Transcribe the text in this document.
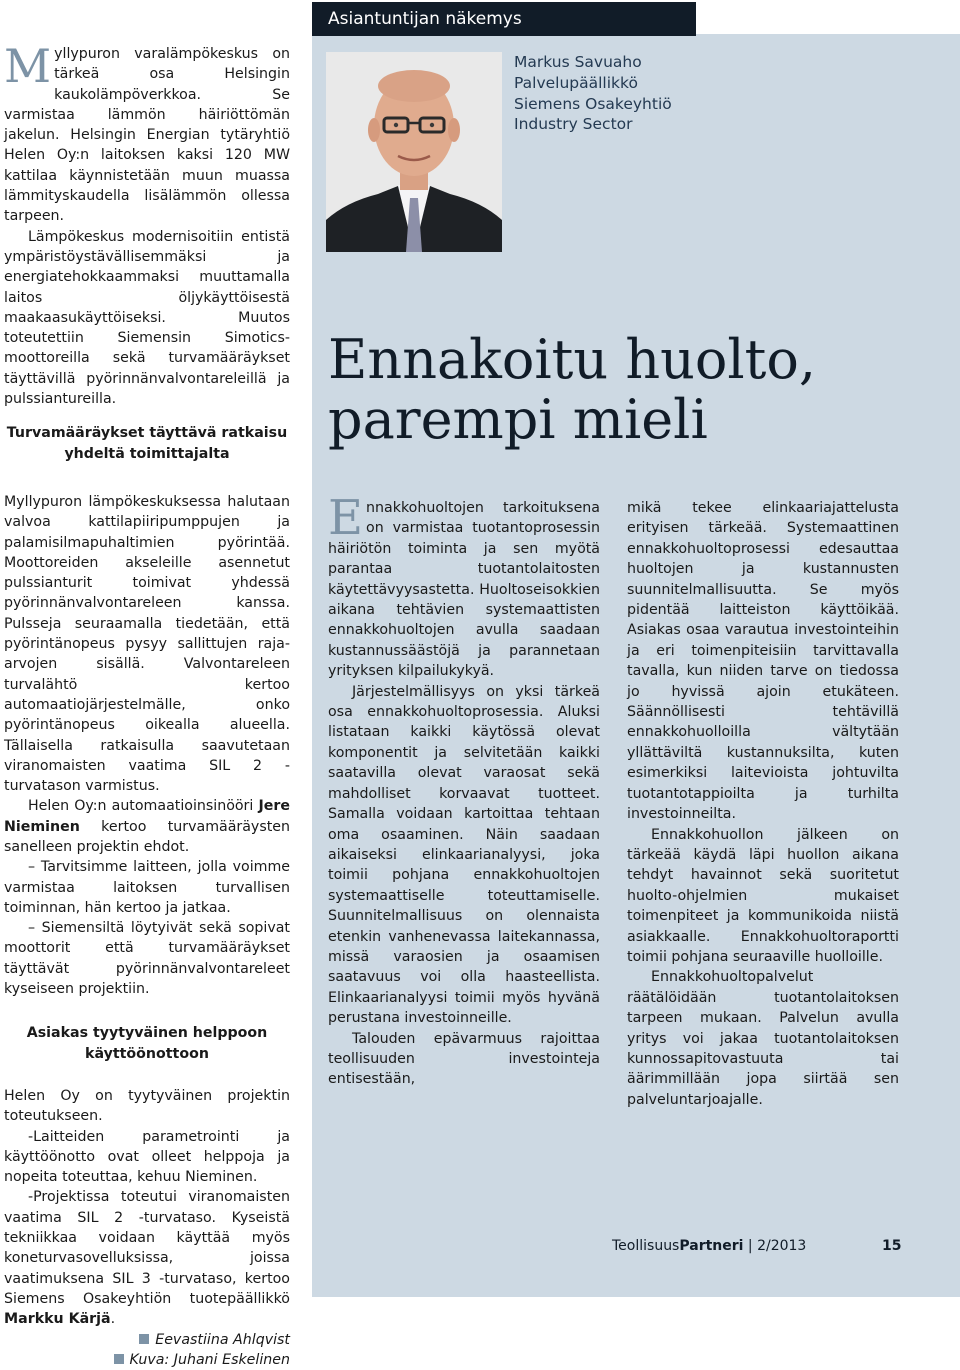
Myllypuron varalämpökeskus on tärkeä osa Helsingin kaukolämpöverkkoa. Se varmistaa lämmön häiriöttömän jakelun. Helsingin Energian tytäryhtiö Helen Oy:n laitoksen kaksi 120 MW kattilaa käynnistetään muun muassa lämmityskaudella lisälämmön ollessa tarpeen.

Lämpökeskus modernisoitiin entistä ympäristöystävällisemmäksi ja energiatehokkaammaksi muuttamalla laitos öljykäyttöisestä maakaasukäyttöiseksi. Muutos toteutettiin Siemensin Simotics-moottoreilla sekä turvamääräykset täyttävillä pyörinnänvalvontareleillä ja pulssiantureilla.

Turvamääräykset täyttävä ratkaisu yhdeltä toimittajalta

Myllypuron lämpökeskuksessa halutaan valvoa kattilapiiripumppujen ja palamisilmapuhaltimien pyörintää. Moottoreiden akseleille asennetut pulssianturit toimivat yhdessä pyörinnänvalvontareleen kanssa. Pulsseja seuraamalla tiedetään, että pyörintänopeus pysyy sallittujen raja-arvojen sisällä. Valvontareleen turvalähtö kertoo automaatiojärjestelmälle, onko pyörintänopeus oikealla alueella. Tällaisella ratkaisulla saavutetaan viranomaisten vaatima SIL 2 -turvatason varmistus.

Helen Oy:n automaatioinsinööri Jere Nieminen kertoo turvamääräysten sanelleen projektin ehdot.

– Tarvitsimme laitteen, jolla voimme varmistaa laitoksen turvallisen toiminnan, hän kertoo ja jatkaa.

– Siemensiltä löytyivät sekä sopivat moottorit että turvamääräykset täyttävät pyörinnänvalvontareleet kyseiseen projektiin.

Asiakas tyytyväinen helppoon käyttöönottoon

Helen Oy on tyytyväinen projektin toteutukseen.

-Laitteiden parametrointi ja käyttöönotto ovat olleet helppoja ja nopeita toteuttaa, kehuu Nieminen.

-Projektissa toteutui viranomaisten vaatima SIL 2 -turvataso. Kyseistä tekniikkaa voidaan käyttää myös koneturvasovelluksissa, joissa vaatimuksena SIL 3 -turvataso, kertoo Siemens Osakeyhtiön tuotepäällikkö Markku Kärjä.

Eevastiina Ahlqvist
Kuva: Juhani Eskelinen
Asiantuntijan näkemys
Markus Savuaho
Palvelupäällikkö
Siemens Osakeyhtiö
Industry Sector
Ennakoitu huolto,
parempi mieli

Ennakkohuoltojen tarkoituksena on varmistaa tuotantoprosessin häiriötön toiminta ja sen myötä parantaa tuotantolaitosten käytettävyysastetta. Huoltoseisokkien aikana tehtävien systemaattisten ennakkohuoltojen avulla saadaan kustannussäästöjä ja parannetaan yrityksen kilpailukykyä.

Järjestelmällisyys on yksi tärkeä osa ennakkohuoltoprosessia. Aluksi listataan kaikki käytössä olevat komponentit ja selvitetään kaikki saatavilla olevat varaosat sekä mahdolliset korvaavat tuotteet. Samalla voidaan kartoittaa tehtaan oma osaaminen. Näin saadaan aikaiseksi elinkaarianalyysi, joka toimii pohjana ennakkohuoltojen systemaattiselle toteuttamiselle. Suunnitelmallisuus on olennaista etenkin vanhenevassa laitekannassa, missä varaosien ja osaamisen saatavuus voi olla haasteellista. Elinkaarianalyysi toimii myös hyvänä perustana investoinneille.

Talouden epävarmuus rajoittaa teollisuuden investointeja entisestään,

mikä tekee elinkaariajattelusta erityisen tärkeää. Systemaattinen ennakkohuoltoprosessi edesauttaa huoltojen ja kustannusten suunnitelmallisuutta. Se myös pidentää laitteiston käyttöikää. Asiakas osaa varautua investointeihin ja eri toimenpiteisiin tarvittavalla tavalla, kun niiden tarve on tiedossa jo hyvissä ajoin etukäteen. Säännöllisesti tehtävillä ennakkohuolloilla vältytään yllättäviltä kustannuksilta, kuten esimerkiksi laitevioista johtuvilta tuotantotappioilta ja turhilta investoinneilta.

Ennakkohuollon jälkeen on tärkeää käydä läpi huollon aikana tehdyt havainnot sekä suoritetut huolto-ohjelmien mukaiset toimenpiteet ja kommunikoida niistä asiakkaalle. Ennakkohuoltoraportti toimii pohjana seuraaville huolloille.

Ennakkohuoltopalvelut räätälöidään tuotantolaitoksen tarpeen mukaan. Palvelun avulla yritys voi jakaa tuotantolaitoksen kunnossapitovastuuta tai äärimmillään jopa siirtää sen palveluntarjoajalle.

TeollisuusPartneri | 2/2013	15
